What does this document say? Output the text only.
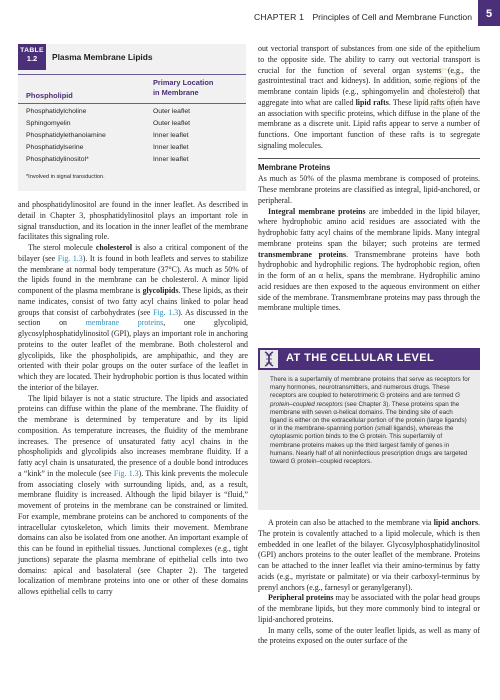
CHAPTER 1 Principles of Cell and Membrane Function	5
TABLE
1.2	Plasma Membrane Lipids
Phospholipid
Primary Location
in Membrane
Phosphatidylcholine	Outer leaflet
Sphingomyelin	Outer leaflet
Phosphatidylethanolamine	Inner leaflet
Phosphatidylserine	Inner leaflet
Phosphatidylinositol*	Inner leaflet
*Involved in signal transduction.

and phosphatidylinositol are found in the inner leaflet. As described in detail in Chapter 3, phosphatidylinositol plays an important role in signal transduction, and its location in the inner leaflet of the membrane facilitates this signaling role.

The sterol molecule cholesterol is also a critical component of the bilayer (see Fig. 1.3). It is found in both leaflets and serves to stabilize the membrane at normal body temperature (37°C). As much as 50% of the lipids found in the membrane can be cholesterol. A minor lipid component of the plasma membrane is glycolipids. These lipids, as their name indicates, consist of two fatty acyl chains linked to polar head groups that consist of carbohydrates (see Fig. 1.3). As discussed in the section on membrane proteins, one glycolipid, glycosylphosphatidylinositol (GPI), plays an important role in anchoring proteins to the outer leaflet of the membrane. Both cholesterol and glycolipids, like the phospholipids, are amphipathic, and they are oriented with their polar groups on the outer surface of the leaflet in which they are located. Their hydrophobic portion is thus located within the interior of the bilayer.

The lipid bilayer is not a static structure. The lipids and associated proteins can diffuse within the plane of the membrane. The fluidity of the membrane is determined by temperature and by its lipid composition. As temperature increases, the fluidity of the membrane increases. The presence of unsaturated fatty acyl chains in the phospholipids and glycolipids also increases membrane fluidity. If a fatty acyl chain is unsaturated, the presence of a double bond introduces a “kink” in the molecule (see Fig. 1.3). This kink prevents the molecule from associating closely with surrounding lipids, and, as a result, membrane fluidity is increased. Although the lipid bilayer is “fluid,” movement of proteins in the membrane can be constrained or limited. For example, membrane proteins can be anchored to components of the intracellular cytoskeleton, which limits their movement. Membrane domains can also be isolated from one another. An important example of this can be found in epithelial tissues. Junctional complexes (e.g., tight junctions) separate the plasma membrane of epithelial cells into two domains: apical and basolateral (see Chapter 2). The targeted localization of membrane proteins into one or other of these domains allows epithelial cells to carry

out vectorial transport of substances from one side of the epithelium to the opposite side. The ability to carry out vectorial transport is crucial for the function of several organ systems (e.g., the gastrointestinal tract and kidneys). In addition, some regions of the membrane contain lipids (e.g., sphingomyelin and cholesterol) that aggregate into what are called lipid rafts. These lipid rafts often have an association with specific proteins, which diffuse in the plane of the membrane as a discrete unit. Lipid rafts appear to serve a number of functions. One important function of these rafts is to segregate signaling molecules.

Membrane Proteins

As much as 50% of the plasma membrane is composed of proteins. These membrane proteins are classified as integral, lipid-anchored, or peripheral.

Integral membrane proteins are imbedded in the lipid bilayer, where hydrophobic amino acid residues are associated with the hydrophobic fatty acyl chains of the membrane lipids. Many integral membrane proteins span the bilayer; such proteins are termed transmembrane proteins. Transmembrane proteins have both hydrophobic and hydrophilic regions. The hydrophobic region, often in the form of an α helix, spans the membrane. Hydrophilic amino acid residues are then exposed to the aqueous environment on either side of the membrane. Transmembrane proteins may pass through the membrane multiple times.

AT THE CELLULAR LEVEL
There is a superfamily of membrane proteins that serve as receptors for many hormones, neurotransmitters, and numerous drugs. These receptors are coupled to heterotrimeric G proteins and are termed G protein–coupled receptors (see Chapter 3). These proteins span the membrane with seven α-helical domains. The binding site of each ligand is either on the extracellular portion of the protein (large ligands) or in the membrane-spanning portion (small ligands), whereas the cytoplasmic portion binds to the G protein. This superfamily of membrane proteins makes up the third largest family of genes in humans. Nearly half of all noninfectious prescription drugs are targeted toward G protein–coupled receptors.

A protein can also be attached to the membrane via lipid anchors. The protein is covalently attached to a lipid molecule, which is then embedded in one leaflet of the bilayer. Glycosylphosphatidylinositol (GPI) anchors proteins to the outer leaflet of the membrane. Proteins can be attached to the inner leaflet via their amino-terminus by fatty acids (e.g., myristate or palmitate) or via their carboxyl-terminus by prenyl anchors (e.g., farnesyl or geranylgeranyl).

Peripheral proteins may be associated with the polar head groups of the membrane lipids, but they more commonly bind to integral or lipid-anchored proteins.

In many cells, some of the outer leaflet lipids, as well as many of the proteins exposed on the outer surface of the
